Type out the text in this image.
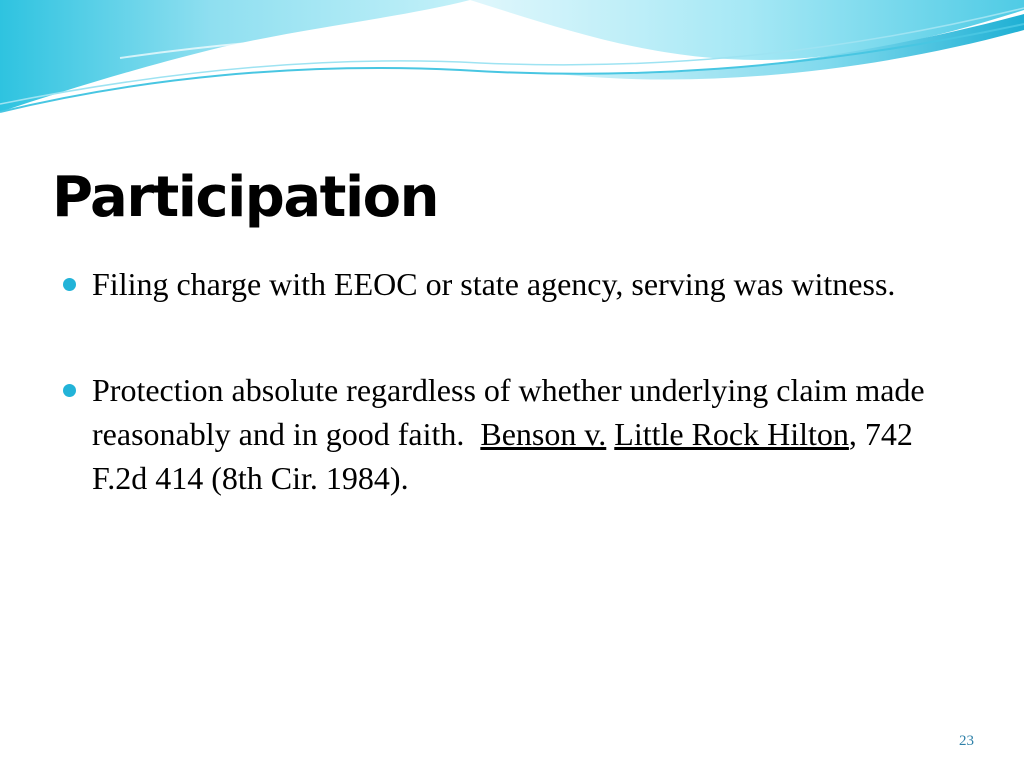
Participation
Filing charge with EEOC or state agency, serving was witness.
Protection absolute regardless of whether underlying claim made reasonably and in good faith. Benson v. Little Rock Hilton, 742 F.2d 414 (8th Cir. 1984).
23
